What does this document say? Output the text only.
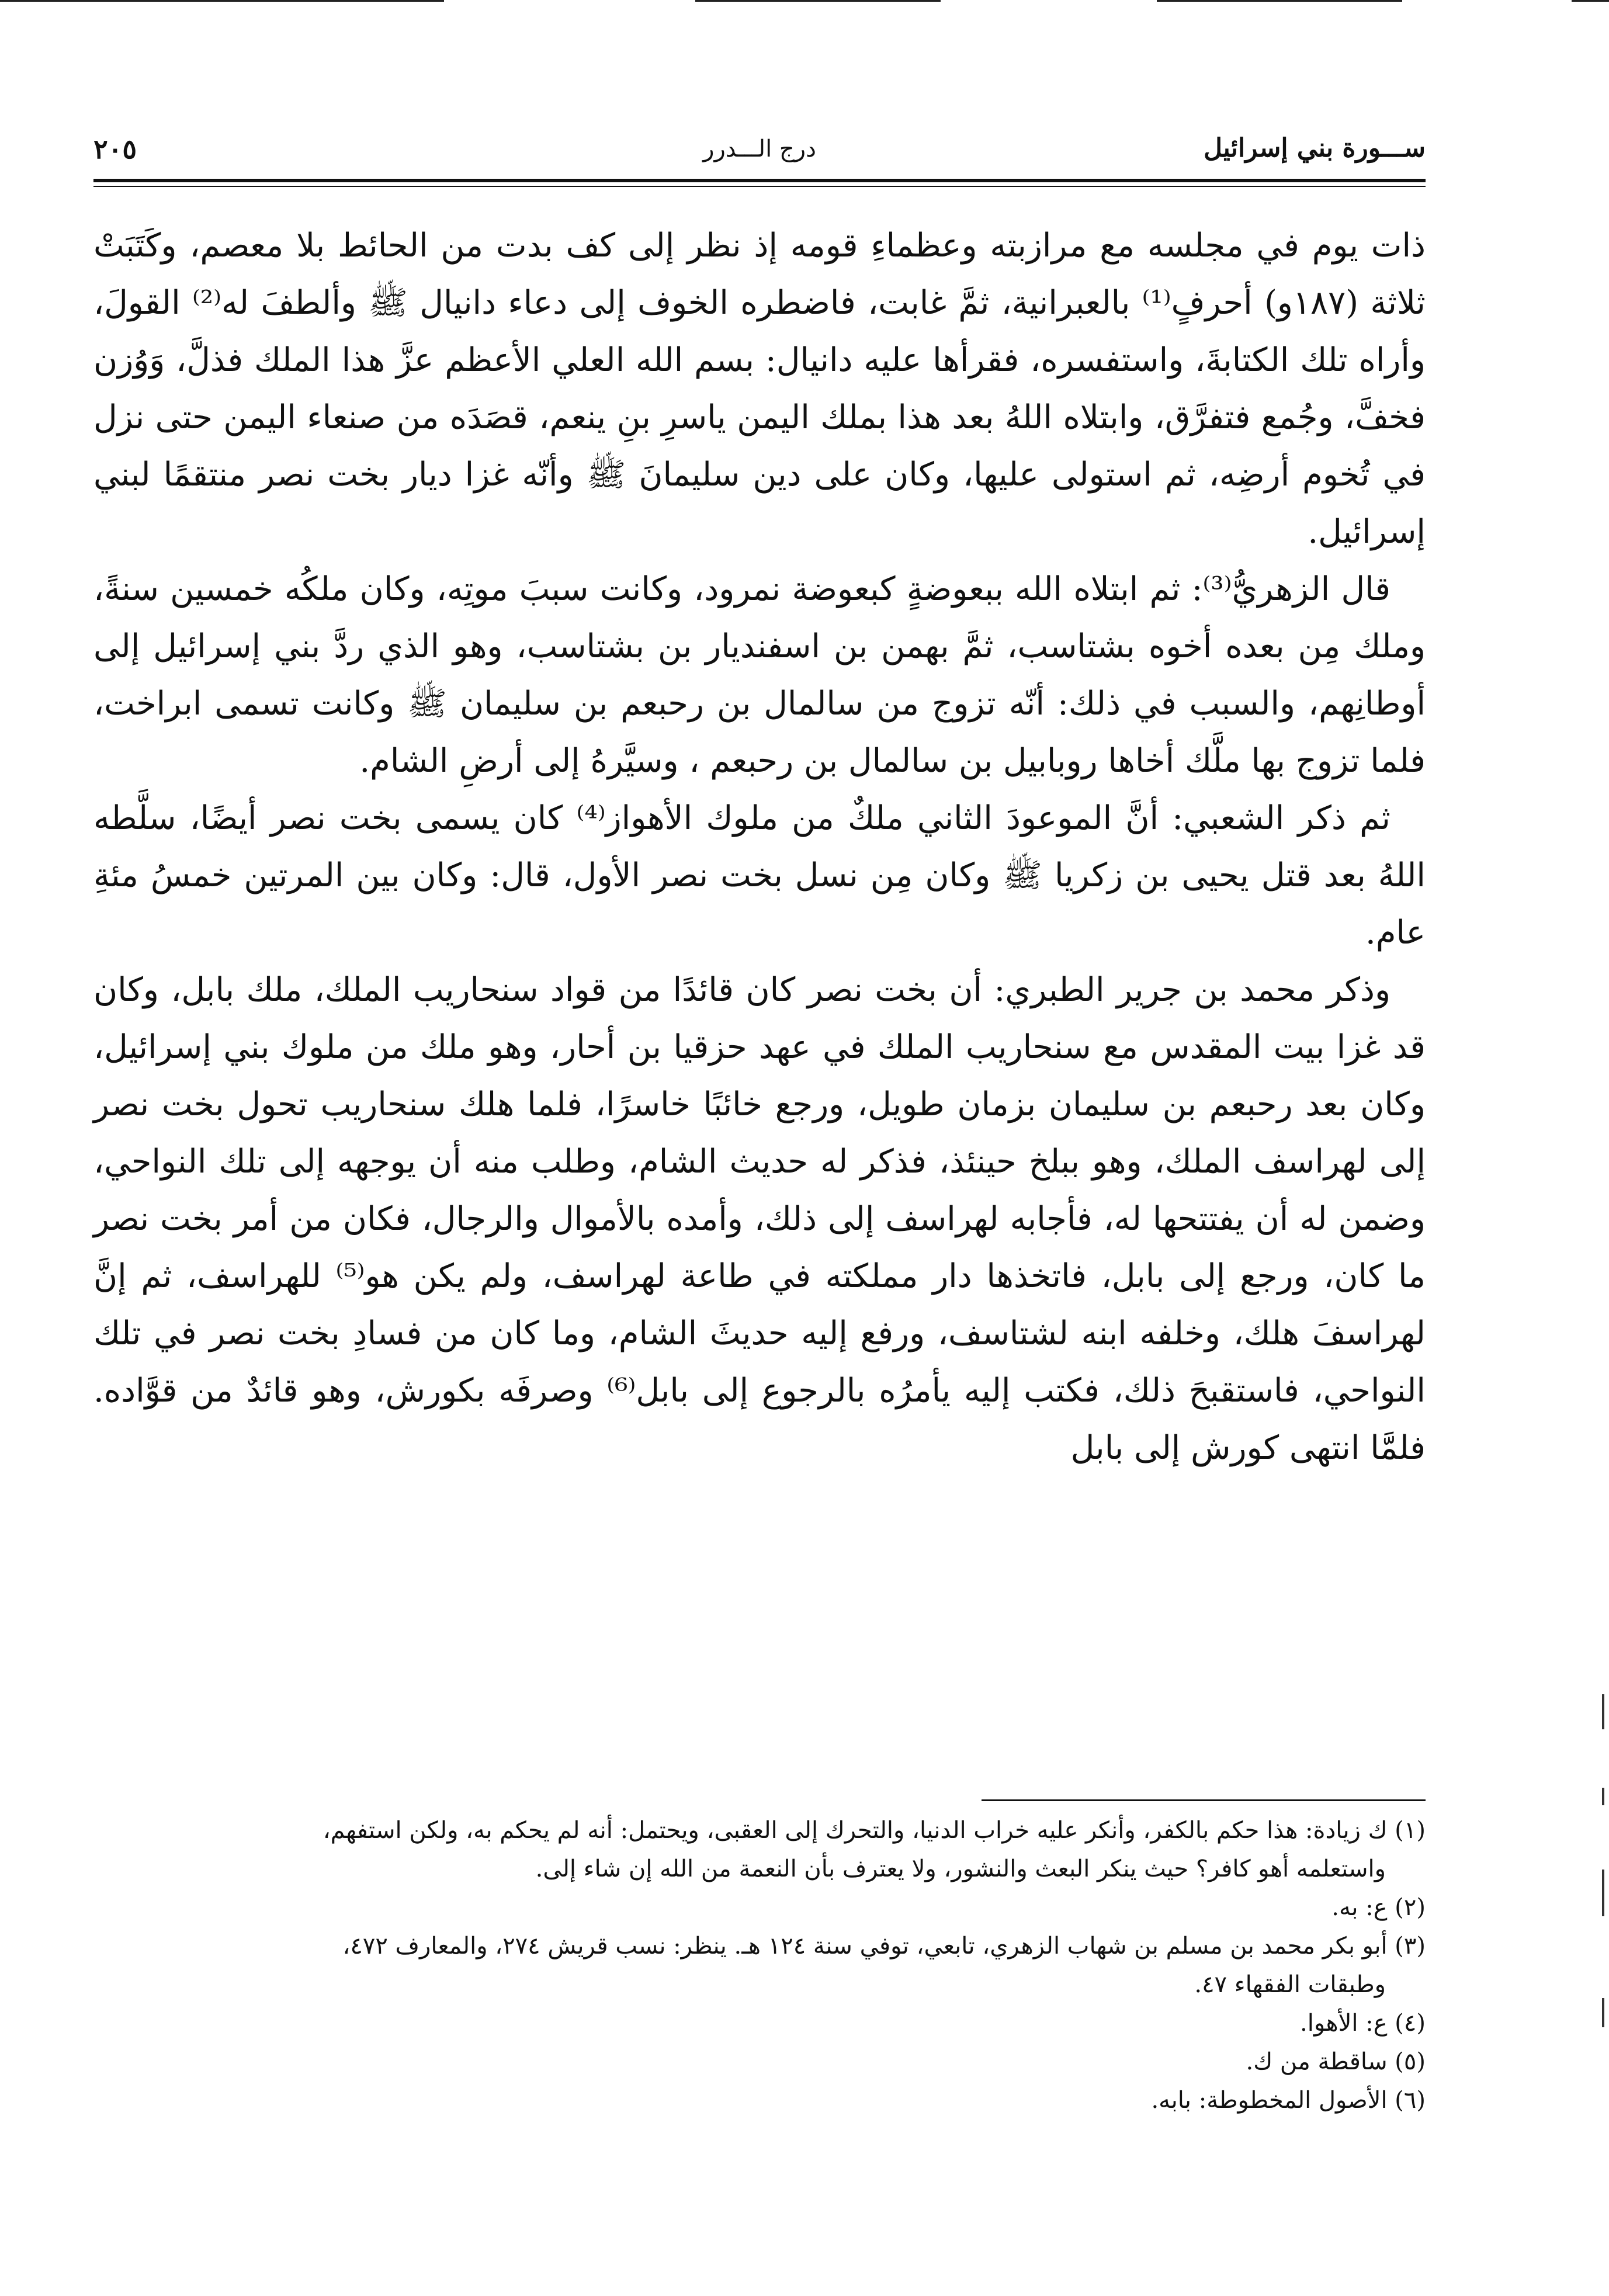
ســـورة بني إسرائيل
درج الـــدرر
٢٠٥

ذات يوم في مجلسه مع مرازبته وعظماءِ قومه إذ نظر إلى كف بدت من الحائط بلا معصم، وكَتَبَتْ ثلاثة (١٨٧و) أحرفٍ⁽¹⁾ بالعبرانية، ثمَّ غابت، فاضطره الخوف إلى دعاء دانيال ﷺ وألطفَ له⁽²⁾ القولَ، وأراه تلك الكتابةَ، واستفسره، فقرأها عليه دانيال: بسم الله العلي الأعظم عزَّ هذا الملك فذلَّ، وَوُزن فخفَّ، وجُمع فتفرَّق، وابتلاه اللهُ بعد هذا بملك اليمن ياسرِ بنِ ينعم، قصَدَه من صنعاء اليمن حتى نزل في تُخوم أرضِه، ثم استولى عليها، وكان على دين سليمانَ ﷺ وأنّه غزا ديار بخت نصر منتقمًا لبني إسرائيل.

قال الزهريُّ⁽³⁾: ثم ابتلاه الله ببعوضةٍ كبعوضة نمرود، وكانت سببَ موتِه، وكان ملكُه خمسين سنةً، وملك مِن بعده أخوه بشتاسب، ثمَّ بهمن بن اسفنديار بن بشتاسب، وهو الذي ردَّ بني إسرائيل إلى أوطانِهم، والسبب في ذلك: أنّه تزوج من سالمال بن رحبعم بن سليمان ﷺ وكانت تسمى ابراخت، فلما تزوج بها ملَّك أخاها روبابيل بن سالمال بن رحبعم ، وسيَّرهُ إلى أرضِ الشام.

ثم ذكر الشعبي: أنَّ الموعودَ الثاني ملكٌ من ملوك الأهواز⁽⁴⁾ كان يسمى بخت نصر أيضًا، سلَّطه اللهُ بعد قتل يحيى بن زكريا ﷺ وكان مِن نسل بخت نصر الأول، قال: وكان بين المرتين خمسُ مئةِ عام.

وذكر محمد بن جرير الطبري: أن بخت نصر كان قائدًا من قواد سنحاريب الملك، ملك بابل، وكان قد غزا بيت المقدس مع سنحاريب الملك في عهد حزقيا بن أحار، وهو ملك من ملوك بني إسرائيل، وكان بعد رحبعم بن سليمان بزمان طويل، ورجع خائبًا خاسرًا، فلما هلك سنحاريب تحول بخت نصر إلى لهراسف الملك، وهو ببلخ حينئذ، فذكر له حديث الشام، وطلب منه أن يوجهه إلى تلك النواحي، وضمن له أن يفتتحها له، فأجابه لهراسف إلى ذلك، وأمده بالأموال والرجال، فكان من أمر بخت نصر ما كان، ورجع إلى بابل، فاتخذها دار مملكته في طاعة لهراسف، ولم يكن هو⁽⁵⁾ للهراسف، ثم إنَّ لهراسفَ هلك، وخلفه ابنه لشتاسف، ورفع إليه حديثَ الشام، وما كان من فسادِ بخت نصر في تلك النواحي، فاستقبحَ ذلك، فكتب إليه يأمرُه بالرجوع إلى بابل⁽⁶⁾ وصرفَه بكورش، وهو قائدٌ من قوَّاده. فلمَّا انتهى كورش إلى بابل

(١) ك زيادة: هذا حكم بالكفر، وأنكر عليه خراب الدنيا، والتحرك إلى العقبى، ويحتمل: أنه لم يحكم به، ولكن استفهم،

واستعلمه أهو كافر؟ حيث ينكر البعث والنشور، ولا يعترف بأن النعمة من الله إن شاء إلى.

(٢) ع: به.

(٣) أبو بكر محمد بن مسلم بن شهاب الزهري، تابعي، توفي سنة ١٢٤ هـ. ينظر: نسب قريش ٢٧٤، والمعارف ٤٧٢،

وطبقات الفقهاء ٤٧.

(٤) ع: الأهوا.

(٥) ساقطة من ك.

(٦) الأصول المخطوطة: بابه.
